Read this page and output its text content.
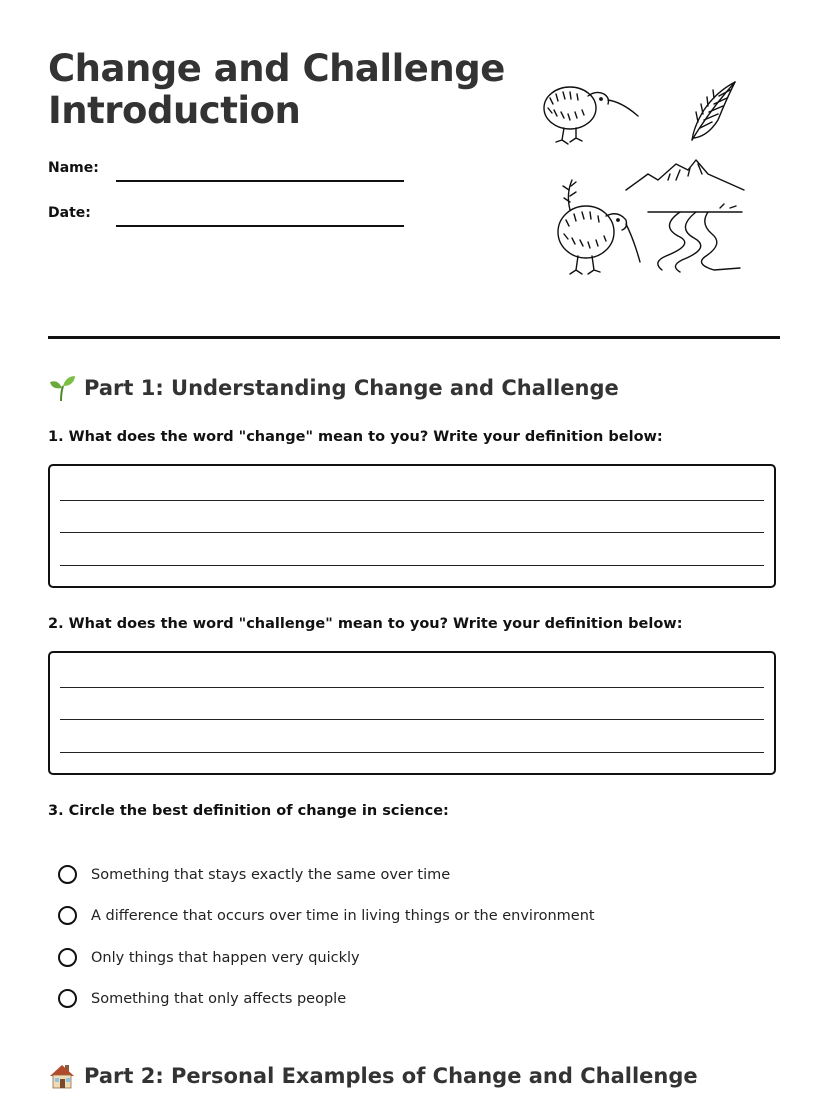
Change and Challenge
Introduction
Name:
Date:
Part 1: Understanding Change and Challenge

1. What does the word "change" mean to you? Write your definition below:

2. What does the word "challenge" mean to you? Write your definition below:

3. Circle the best definition of change in science:

Something that stays exactly the same over time
A difference that occurs over time in living things or the environment
Only things that happen very quickly
Something that only affects people
Part 2: Personal Examples of Change and Challenge
